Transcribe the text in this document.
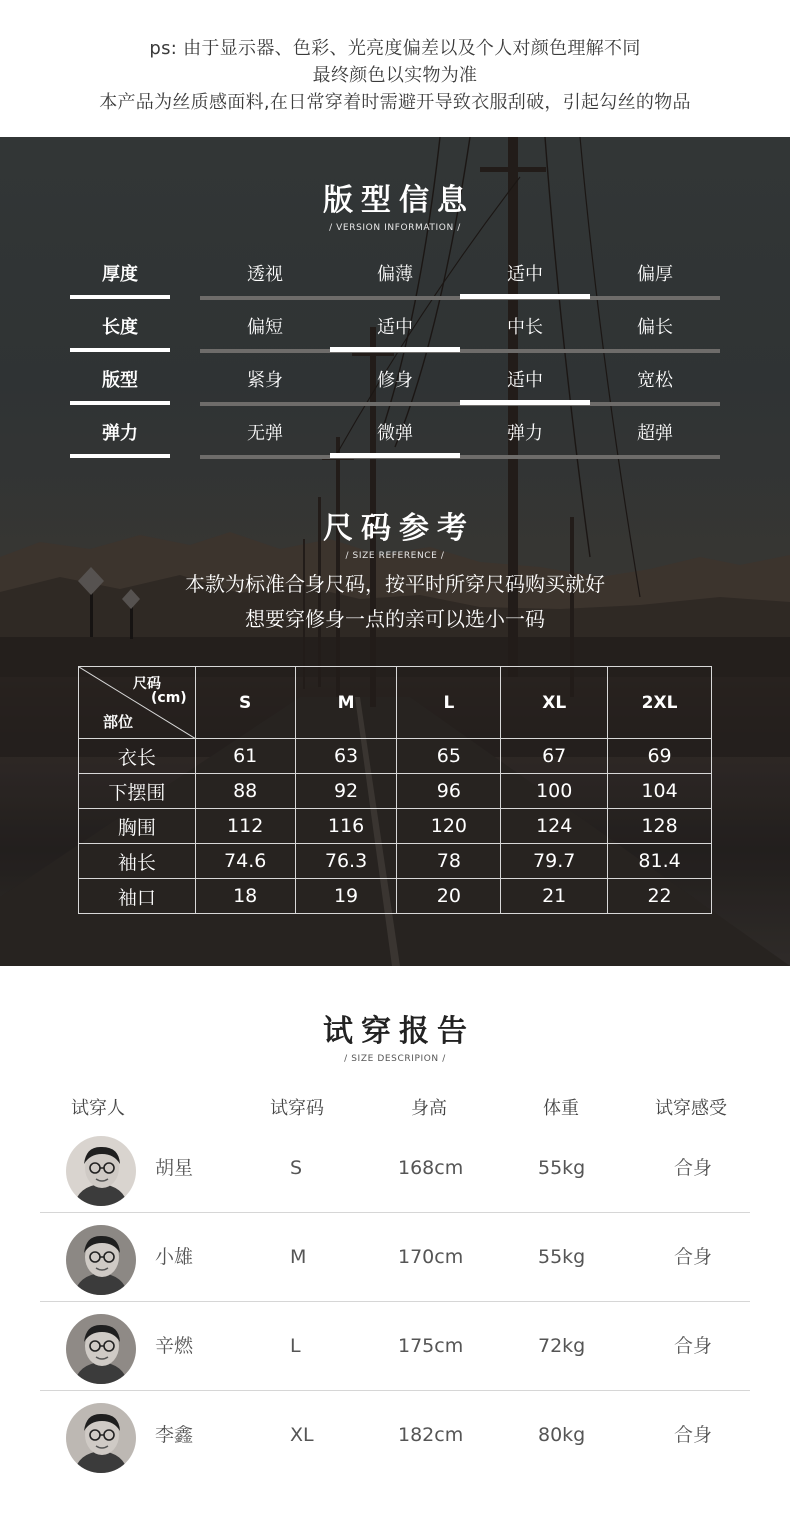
ps: 由于显示器、色彩、光亮度偏差以及个人对颜色理解不同

最终颜色以实物为准

本产品为丝质感面料,在日常穿着时需避开导致衣服刮破，引起勾丝的物品

版型信息
/ VERSION INFORMATION /
厚度	透视	偏薄	适中	偏厚
长度	偏短	适中	中长	偏长
版型	紧身	修身	适中	宽松
弹力	无弹	微弹	弹力	超弹
尺码参考
/ SIZE REFERENCE /
本款为标准合身尺码，按平时所穿尺码购买就好
想要穿修身一点的亲可以选小一码
尺码
(cm)
部位	S	M	L	XL	2XL
衣长	61	63	65	67	69
下摆围	88	92	96	100	104
胸围	112	116	120	124	128
袖长	74.6	76.3	78	79.7	81.4
袖口	18	19	20	21	22
试穿报告
/ SIZE DESCRIPION /
试穿人	试穿码	身高	体重	试穿感受
胡星	S	168cm	55kg	合身
小雄	M	170cm	55kg	合身
辛燃	L	175cm	72kg	合身
李鑫	XL	182cm	80kg	合身
